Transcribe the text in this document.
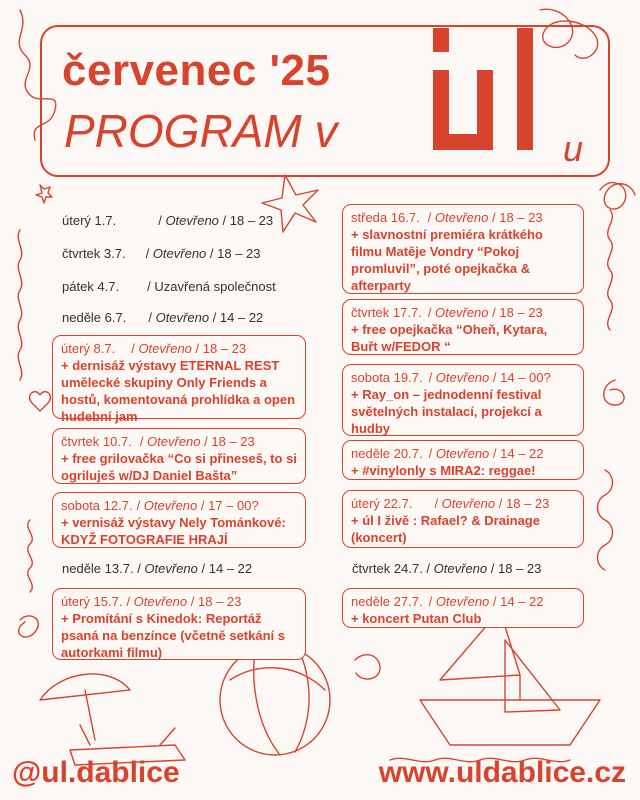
červenec '25
PROGRAM v	u
úterý 1.7.	/ Otevřeno / 18 – 23
čtvrtek 3.7. / Otevřeno / 18 – 23
pátek 4.7. / Uzavřená společnost
neděle 6.7. / Otevřeno / 14 – 22
úterý 8.7. / Otevřeno / 18 – 23
+ dernisáž výstavy ETERNAL REST umělecké skupiny Only Friends a hostů, komentovaná prohlídka a open hudební jam
čtvrtek 10.7. / Otevřeno / 18 – 23
+ free grilovačka “Co si přineseš, to si ogriluješ w/DJ Daniel Bašta”
sobota 12.7. / Otevřeno / 17 – 00?
+ vernisáž výstavy Nely Tománkové: KDYŽ FOTOGRAFIE HRAJÍ
neděle 13.7. / Otevřeno / 14 – 22
úterý 15.7. / Otevřeno / 18 – 23
+ Promítání s Kinedok: Reportáž psaná na benzínce (včetně setkání s autorkami filmu)
středa 16.7. / Otevřeno / 18 – 23
+ slavnostní premiéra krátkého filmu Matěje Vondry “Pokoj promluvil”, poté opejkačka & afterparty
čtvrtek 17.7. / Otevřeno / 18 – 23
+ free opejkačka “Oheň, Kytara, Buřt w/FEDOR “
sobota 19.7. / Otevřeno / 14 – 00?
+ Ray_on – jednodenní festival světelných instalací, projekcí a hudby
neděle 20.7. / Otevřeno / 14 – 22
+ #vinylonly s MIRA2: reggae!
úterý 22.7. / Otevřeno / 18 – 23
+ úl I živě : Rafael? & Drainage (koncert)
čtvrtek 24.7. / Otevřeno / 18 – 23
neděle 27.7. / Otevřeno / 14 – 22
+ koncert Putan Club
@ul.dablice	www.uldablice.cz
